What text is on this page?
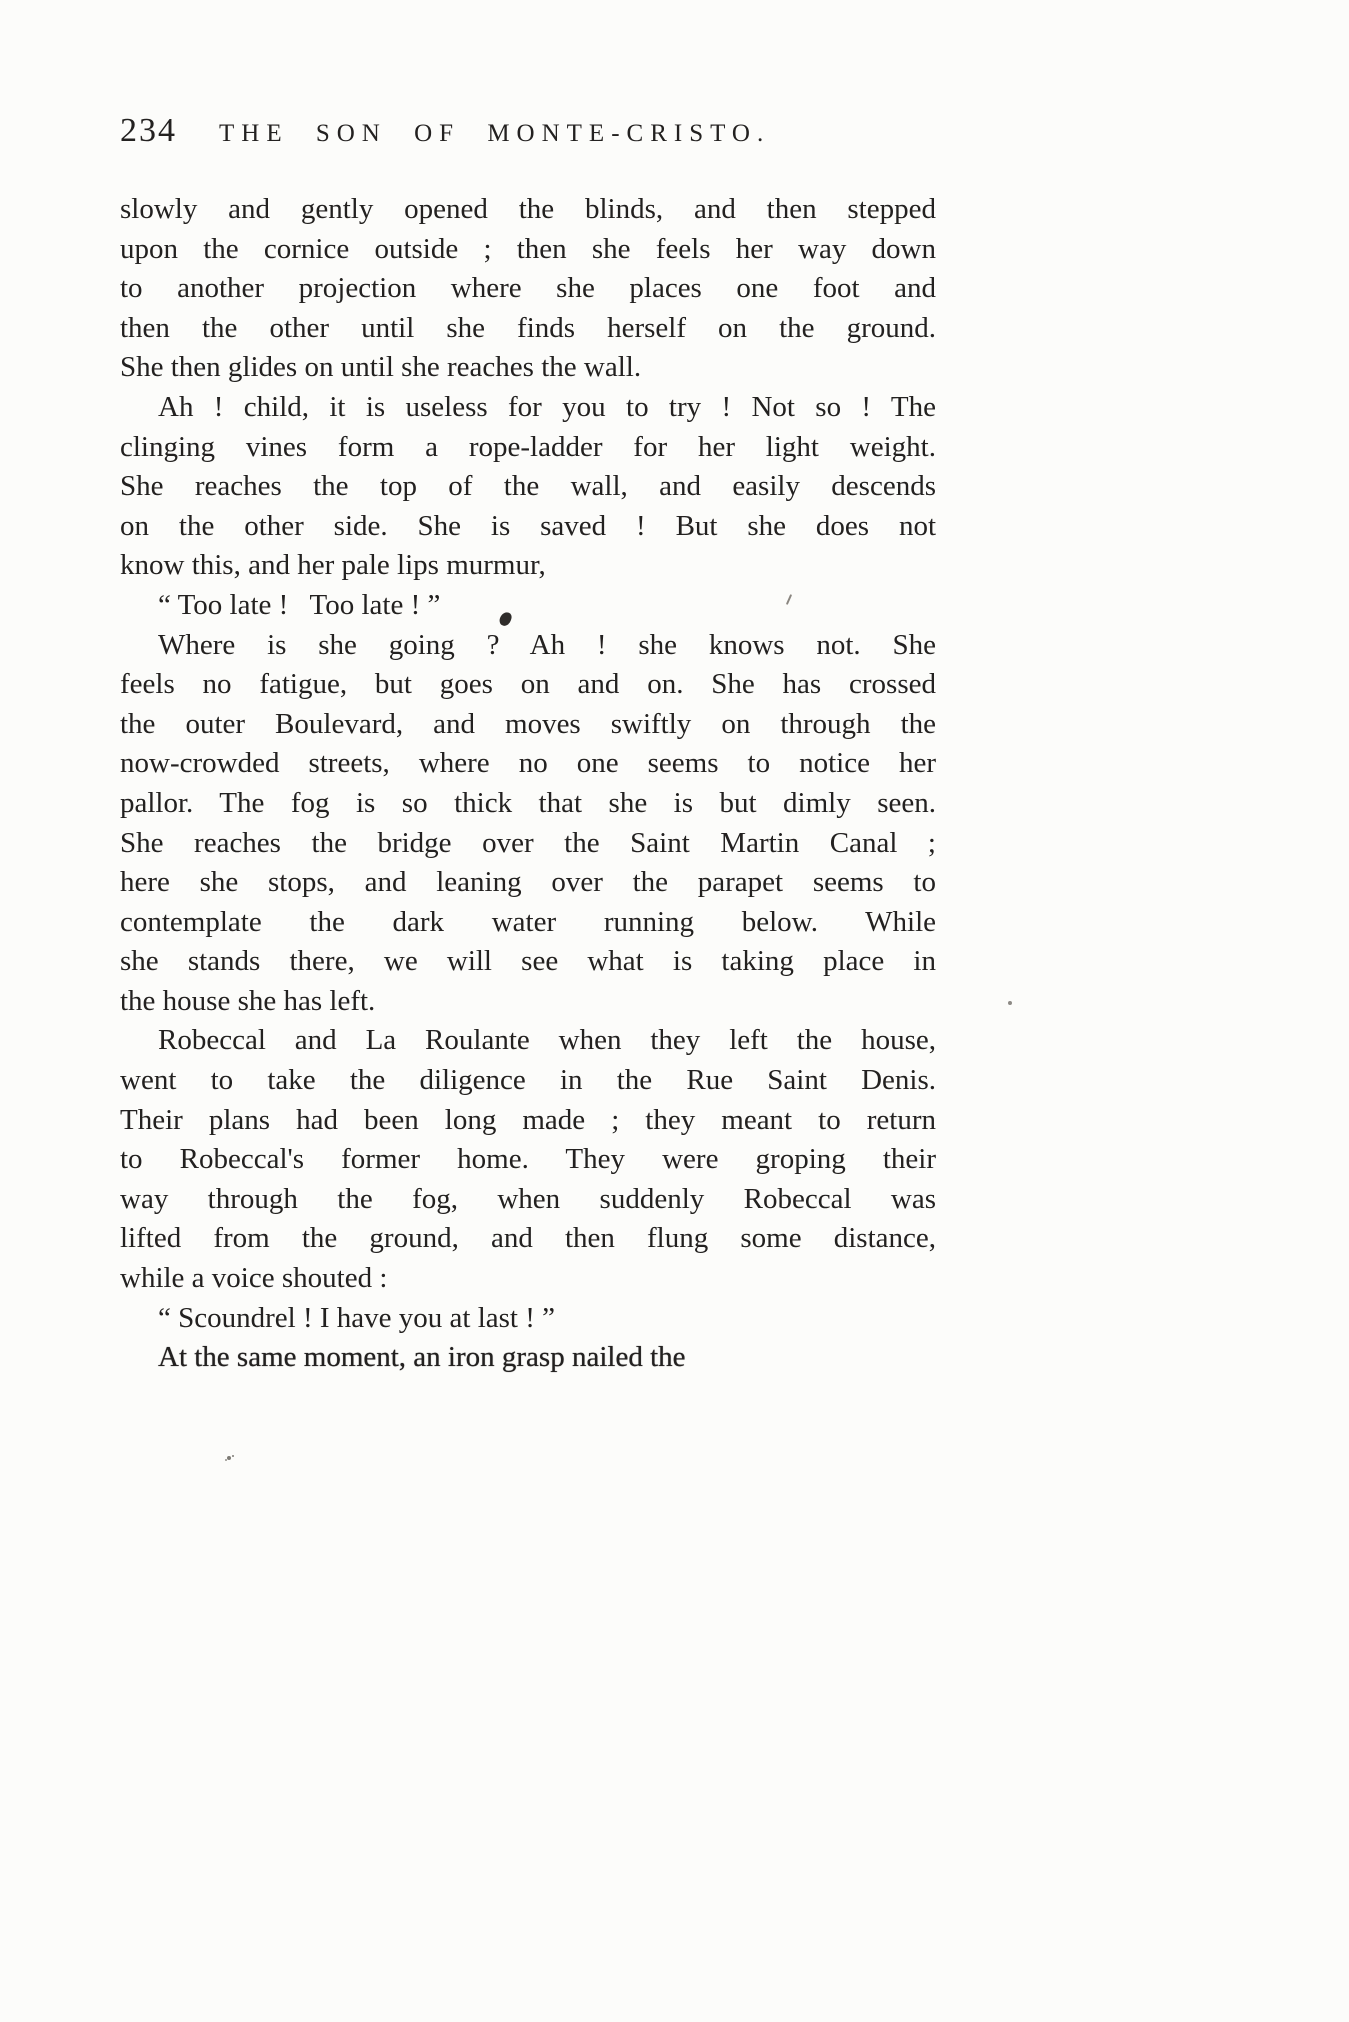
234 THE SON OF MONTE-CRISTO.
slowly and gently opened the blinds, and then stepped
upon the cornice outside ; then she feels her way down
to another projection where she places one foot and
then the other until she finds herself on the ground.
She then glides on until she reaches the wall.
Ah ! child, it is useless for you to try ! Not so ! The
clinging vines form a rope-ladder for her light weight.
She reaches the top of the wall, and easily descends
on the other side. She is saved ! But she does not
know this, and her pale lips murmur,
“ Too late !  Too late ! ”
Where is she going ? Ah ! she knows not. She
feels no fatigue, but goes on and on. She has crossed
the outer Boulevard, and moves swiftly on through the
now-crowded streets, where no one seems to notice her
pallor. The fog is so thick that she is but dimly seen.
She reaches the bridge over the Saint Martin Canal ;
here she stops, and leaning over the parapet seems to
contemplate the dark water running below. While
she stands there, we will see what is taking place in
the house she has left.
Robeccal and La Roulante when they left the house,
went to take the diligence in the Rue Saint Denis.
Their plans had been long made ; they meant to return
to Robeccal's former home. They were groping their
way through the fog, when suddenly Robeccal was
lifted from the ground, and then flung some distance,
while a voice shouted :
“ Scoundrel ! I have you at last ! ”
At the same moment, an iron grasp nailed the
